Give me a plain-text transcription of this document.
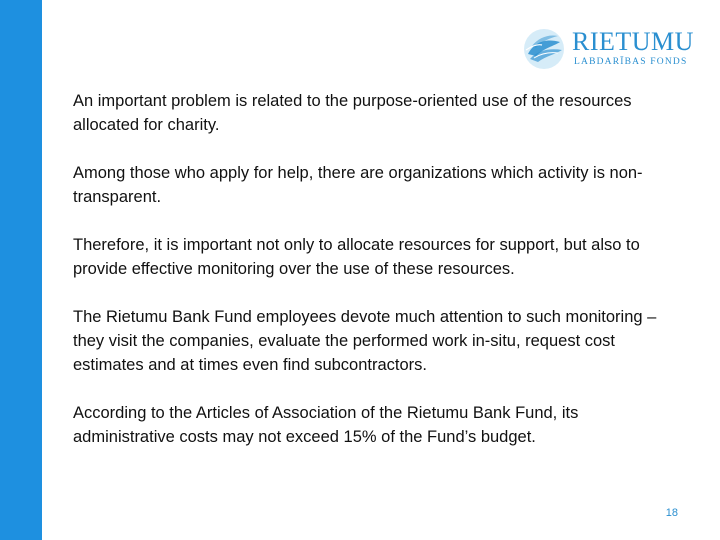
RIETUMU
LABDARĪBAS FONDS

An important problem is related to the purpose-oriented use of the resources allocated for charity.

Among those who apply for help, there are organizations which activity is non-transparent.

Therefore, it is important not only to allocate resources for support, but also to provide effective monitoring over the use of these resources.

The Rietumu Bank Fund employees devote much attention to such monitoring – they visit the companies, evaluate the performed work in-situ, request cost estimates and at times even find subcontractors.

According to the Articles of Association of the Rietumu Bank Fund, its administrative costs may not exceed 15% of the Fund’s budget.

18
